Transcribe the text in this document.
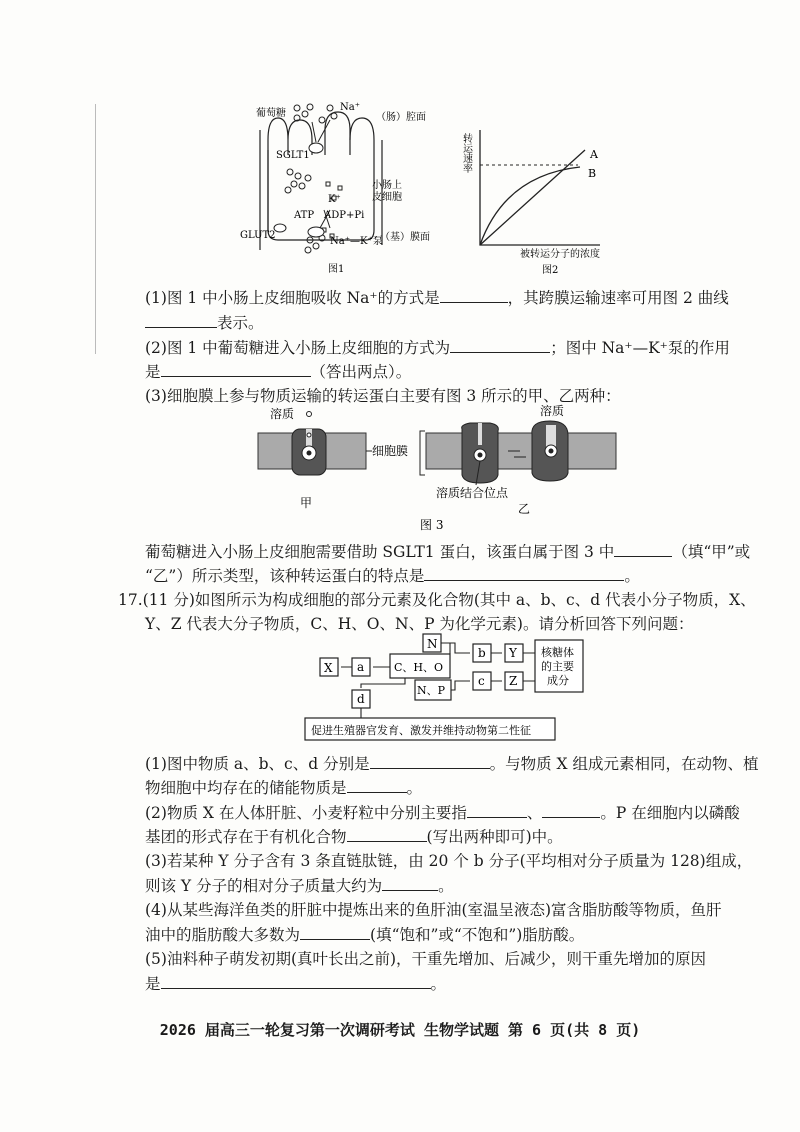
葡萄糖
Na⁺
（肠）腔面
SGLT1
K⁺
小肠上
皮细胞
ATP ADP+Pi
GLUT2
Na⁺—K⁺泵
（基）膜面
图1
转运速率	A
B
被转运分子的浓度
图2
(1)图 1 中小肠上皮细胞吸收 Na⁺的方式是	，其跨膜运输速率可用图 2 曲线
表示。
(2)图 1 中葡萄糖进入小肠上皮细胞的方式为	；图中 Na⁺—K⁺泵的作用
是	（答出两点）。
(3)细胞膜上参与物质运输的转运蛋白主要有图 3 所示的甲、乙两种：
溶质
细胞膜
甲
溶质
溶质结合位点
乙
图 3
葡萄糖进入小肠上皮细胞需要借助 SGLT1 蛋白，该蛋白属于图 3 中	（填“甲”或
“乙”）所示类型，该种转运蛋白的特点是	。
17.(11 分)如图所示为构成细胞的部分元素及化合物(其中 a、b、c、d 代表小分子物质，X、
Y、Z 代表大分子物质，C、H、O、N、P 为化学元素)。请分析回答下列问题：
X a	C、H、O
N
b Y
N、P
c Z
d
核糖体
的主要
成分
促进生殖器官发育、激发并维持动物第二性征
(1)图中物质 a、b、c、d 分别是	。与物质 X 组成元素相同，在动物、植
物细胞中均存在的储能物质是	。
(2)物质 X 在人体肝脏、小麦籽粒中分别主要指	、	。P 在细胞内以磷酸
基团的形式存在于有机化合物	(写出两种即可)中。
(3)若某种 Y 分子含有 3 条直链肽链，由 20 个 b 分子(平均相对分子质量为 128)组成，
则该 Y 分子的相对分子质量大约为	。
(4)从某些海洋鱼类的肝脏中提炼出来的鱼肝油(室温呈液态)富含脂肪酸等物质，鱼肝
油中的脂肪酸大多数为	(填“饱和”或“不饱和”)脂肪酸。
(5)油料种子萌发初期(真叶长出之前)，干重先增加、后减少，则干重先增加的原因
是	。
2026 届高三一轮复习第一次调研考试 生物学试题 第 6 页(共 8 页)
